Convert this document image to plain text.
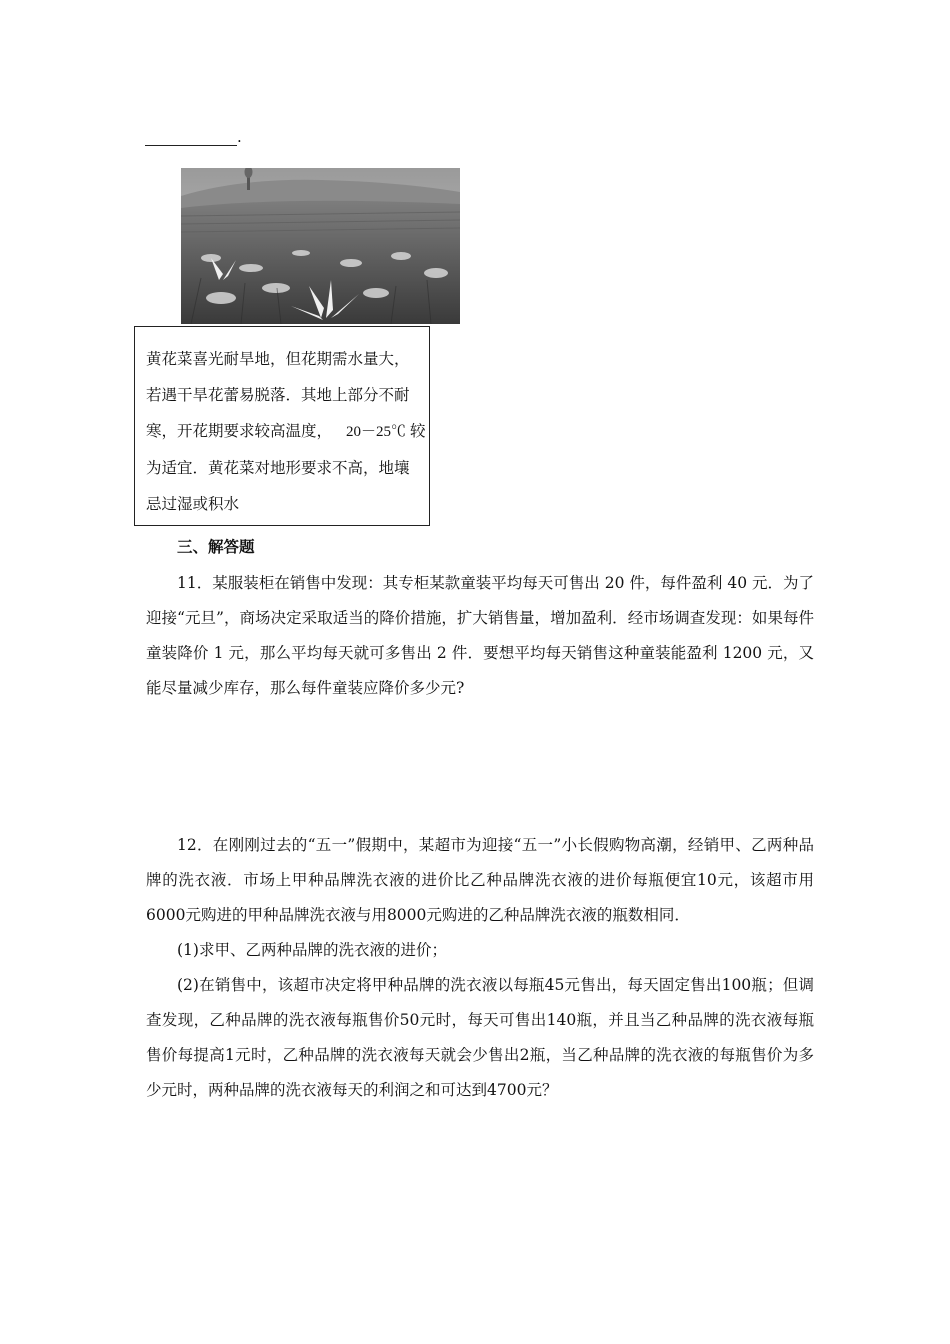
.

黄花菜喜光耐旱地，但花期需水量大，

若遇干旱花蕾易脱落．其地上部分不耐

寒，开花期要求较高温度， 20－25℃ 较

为适宜．黄花菜对地形要求不高，地壤

忌过湿或积水

三、解答题

11．某服装柜在销售中发现：其专柜某款童装平均每天可售出 20 件，每件盈利 40 元．为了迎接“元旦”，商场决定采取适当的降价措施，扩大销售量，增加盈利．经市场调查发现：如果每件童装降价 1 元，那么平均每天就可多售出 2 件．要想平均每天销售这种童装能盈利 1200 元，又能尽量减少库存，那么每件童装应降价多少元?

12．在刚刚过去的“五一”假期中，某超市为迎接“五一”小长假购物高潮，经销甲、乙两种品牌的洗衣液．市场上甲种品牌洗衣液的进价比乙种品牌洗衣液的进价每瓶便宜10元，该超市用6000元购进的甲种品牌洗衣液与用8000元购进的乙种品牌洗衣液的瓶数相同．

(1)求甲、乙两种品牌的洗衣液的进价；

(2)在销售中，该超市决定将甲种品牌的洗衣液以每瓶45元售出，每天固定售出100瓶；但调查发现，乙种品牌的洗衣液每瓶售价50元时，每天可售出140瓶，并且当乙种品牌的洗衣液每瓶售价每提高1元时，乙种品牌的洗衣液每天就会少售出2瓶，当乙种品牌的洗衣液的每瓶售价为多少元时，两种品牌的洗衣液每天的利润之和可达到4700元？
